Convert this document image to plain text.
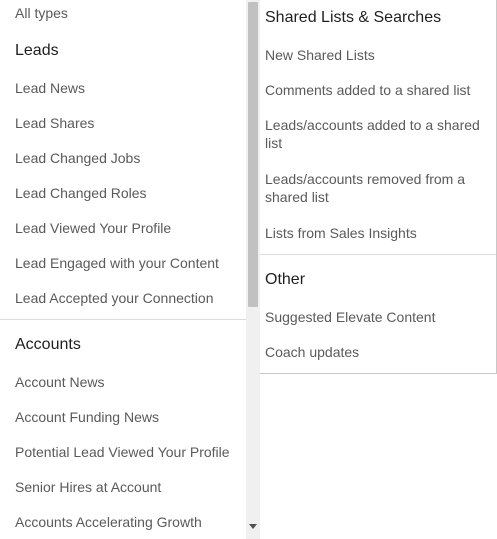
All types
Leads
Lead News
Lead Shares
Lead Changed Jobs
Lead Changed Roles
Lead Viewed Your Profile
Lead Engaged with your Content
Lead Accepted your Connection
Accounts
Account News
Account Funding News
Potential Lead Viewed Your Profile
Senior Hires at Account
Accounts Accelerating Growth
Shared Lists & Searches
New Shared Lists
Comments added to a shared list
Leads/accounts added to a shared list
Leads/accounts removed from a shared list
Lists from Sales Insights
Other
Suggested Elevate Content
Coach updates
